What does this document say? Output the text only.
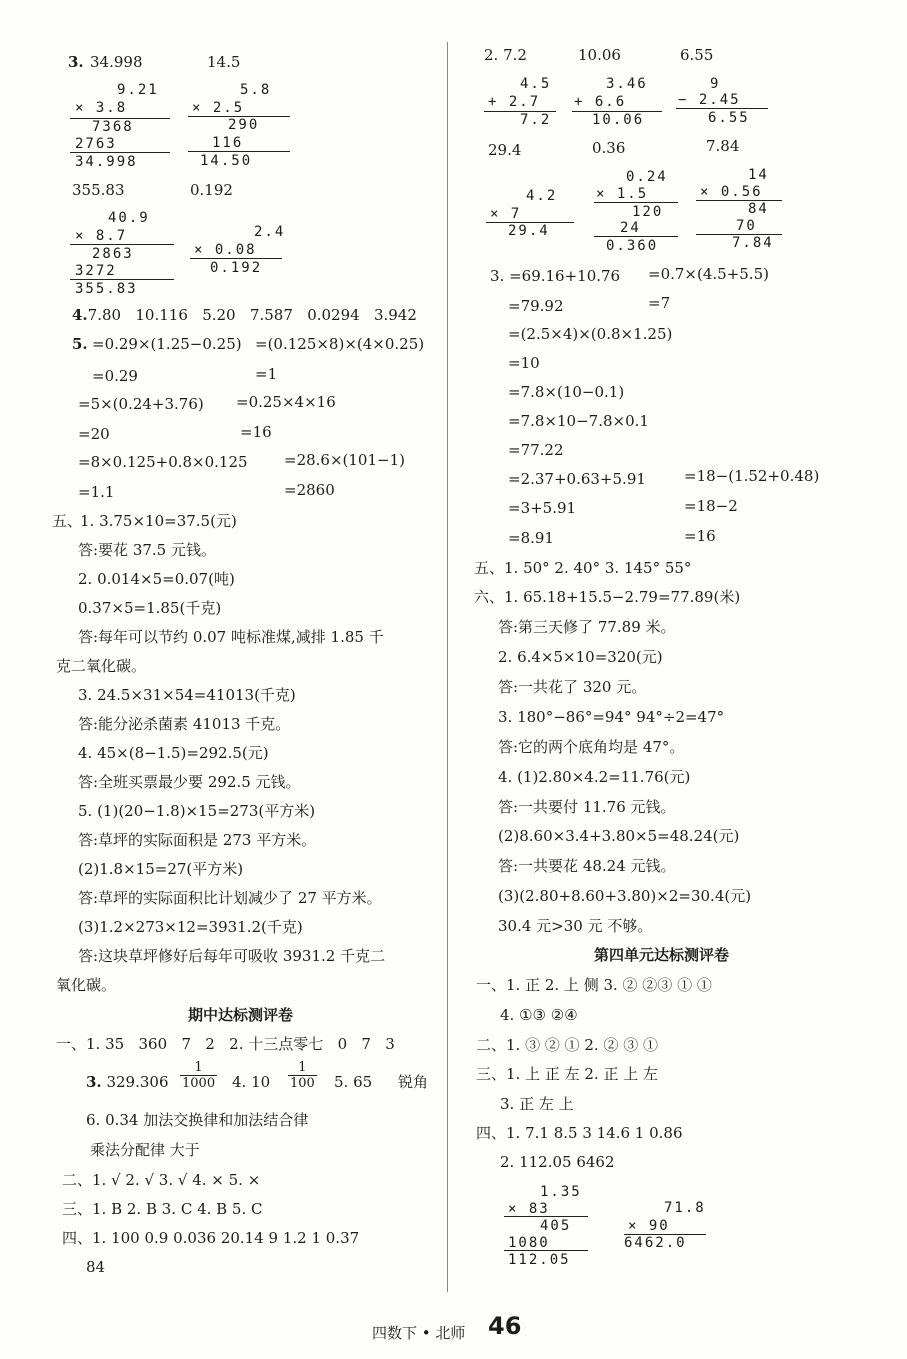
3. 34.998	14.5
9.21
× 3.8
7368
2763
34.998
5.8
× 2.5
290
116
14.50
355.83	0.192
40.9
× 8.7
2863
3272
355.83
2.4
× 0.08
0.192
4.7.80 10.116 5.20 7.587 0.0294 3.942
5. =0.29×(1.25−0.25) =(0.125×8)×(4×0.25)
=0.29	=1
=5×(0.24+3.76) =0.25×4×16
=20	=16
=8×0.125+0.8×0.125 =28.6×(101−1)
=1.1	=2860
五、
1. 3.75×10=37.5(元)
答:要花 37.5 元钱。
2. 0.014×5=0.07(吨)
0.37×5=1.85(千克)
答:每年可以节约 0.07 吨标准煤,减排 1.85 千
克二氧化碳。
3. 24.5×31×54=41013(千克)
答:能分泌杀菌素 41013 千克。
4. 45×(8−1.5)=292.5(元)
答:全班买票最少要 292.5 元钱。
5. (1)(20−1.8)×15=273(平方米)
答:草坪的实际面积是 273 平方米。
(2)1.8×15=27(平方米)
答:草坪的实际面积比计划减少了 27 平方米。
(3)1.2×273×12=3931.2(千克)
答:这块草坪修好后每年可吸收 3931.2 千克二
氧化碳。
期中达标测评卷
一、1. 35 360 7 2 2. 十三点零七 0 7 3
3. $329.306 \frac{1}{1000} 4$. $10 \frac{1}{100} 5$. 65 锐角
6. 0.34 加法交换律和加法结合律
乘法分配律 大于
二、1. √ 2. √ 3. √ 4. × 5. ×
三、1. B 2. B 3. C 4. B 5. C
四、1. 100 0.9 0.036 20.14 9 1.2 1 0.37
84
2. 7.2	10.06	6.55
4.5
+ 2.7
7.2
3.46
+ 6.6
10.06
9
− 2.45
6.55
29.4	0.36	7.84
4.2
× 7
29.4
0.24
× 1.5
120
24
0.360
14
× 0.56
84
70
7.84
3. =69.16+10.76 =0.7×(4.5+5.5)
=79.92	=7
=(2.5×4)×(0.8×1.25)
=10
=7.8×(10−0.1)
=7.8×10−7.8×0.1
=77.22
=2.37+0.63+5.91	=18−(1.52+0.48)
=3+5.91	=18−2
=8.91	=16
五、1. 50° 2. 40° 3. 145° 55°
六、1. 65.18+15.5−2.79=77.89(米)
答:第三天修了 77.89 米。
2. 6.4×5×10=320(元)
答:一共花了 320 元。
3. 180°−86°=94° 94°÷2=47°
答:它的两个底角均是 47°。
4. (1)2.80×4.2=11.76(元)
答:一共要付 11.76 元钱。
(2)8.60×3.4+3.80×5=48.24(元)
答:一共要花 48.24 元钱。
(3)(2.80+8.60+3.80)×2=30.4(元)
30.4 元>30 元 不够。
第四单元达标测评卷
一、1. 正 2. 上 侧 3. ② ②③ ① ①
4. ①③ ②④
二、1. ③ ② ① 2. ② ③ ①
三、1. 上 正 左 2. 正 上 左
3. 正 左 上
四、1. 7.1 8.5 3 14.6 1 0.86
2. 112.05 6462
1.35
× 83
405
1080
112.05
71.8
× 90
6462.0
四数下 • 北师 46
